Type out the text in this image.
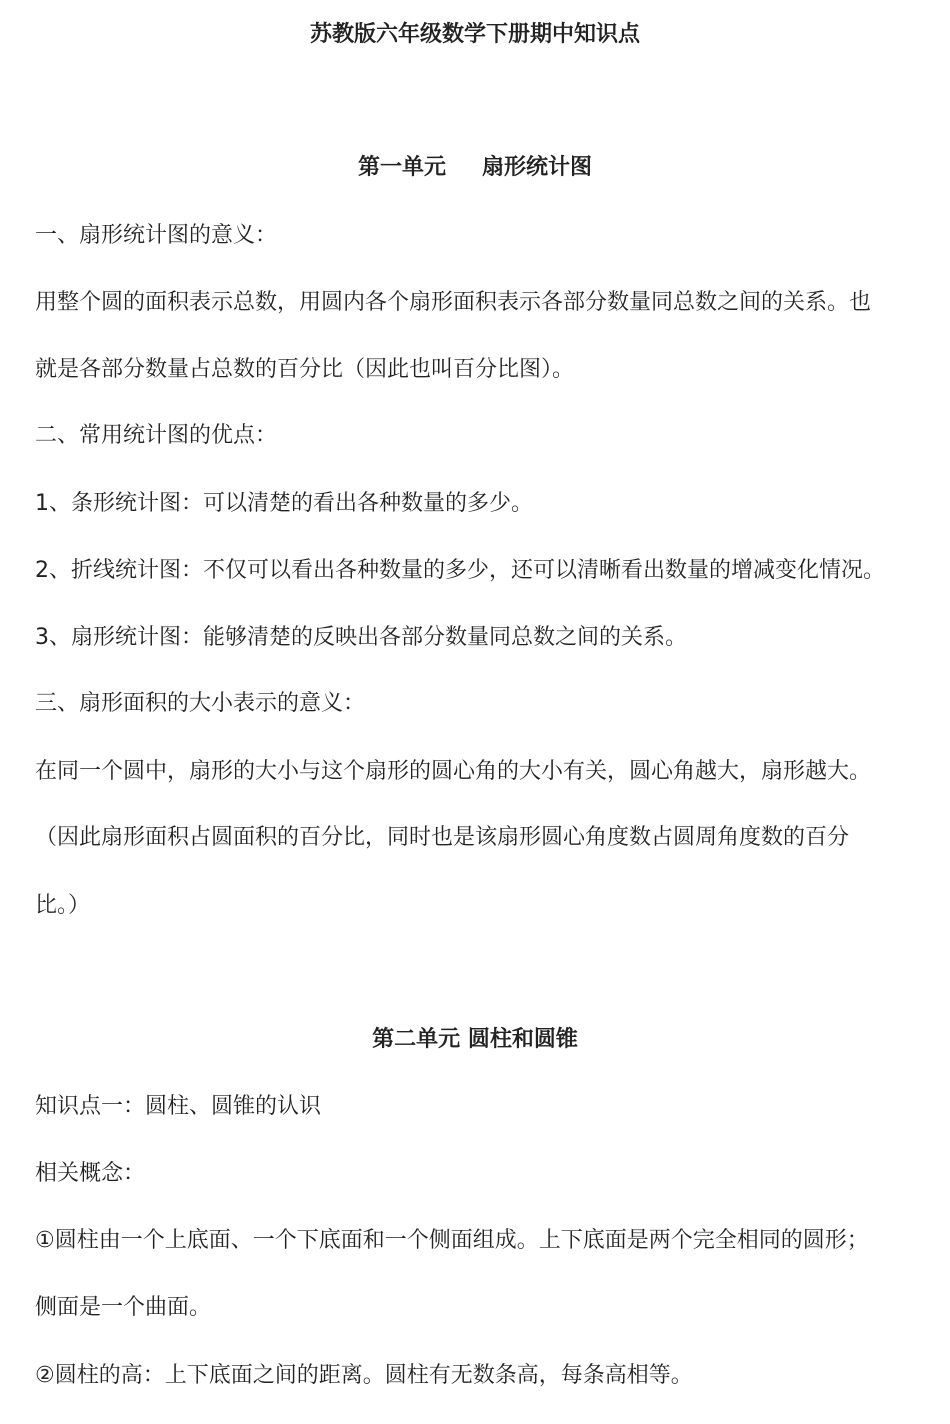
苏教版六年级数学下册期中知识点
第一单元 扇形统计图
一、扇形统计图的意义：
用整个圆的面积表示总数，用圆内各个扇形面积表示各部分数量同总数之间的关系。也
就是各部分数量占总数的百分比（因此也叫百分比图）。
二、常用统计图的优点：
1、条形统计图：可以清楚的看出各种数量的多少。
2、折线统计图：不仅可以看出各种数量的多少，还可以清晰看出数量的增减变化情况。
3、扇形统计图：能够清楚的反映出各部分数量同总数之间的关系。
三、扇形面积的大小表示的意义：
在同一个圆中，扇形的大小与这个扇形的圆心角的大小有关，圆心角越大，扇形越大。
（因此扇形面积占圆面积的百分比，同时也是该扇形圆心角度数占圆周角度数的百分
比。）
第二单元 圆柱和圆锥
知识点一：圆柱、圆锥的认识
相关概念：
①圆柱由一个上底面、一个下底面和一个侧面组成。上下底面是两个完全相同的圆形；
侧面是一个曲面。
②圆柱的高：上下底面之间的距离。圆柱有无数条高，每条高相等。
